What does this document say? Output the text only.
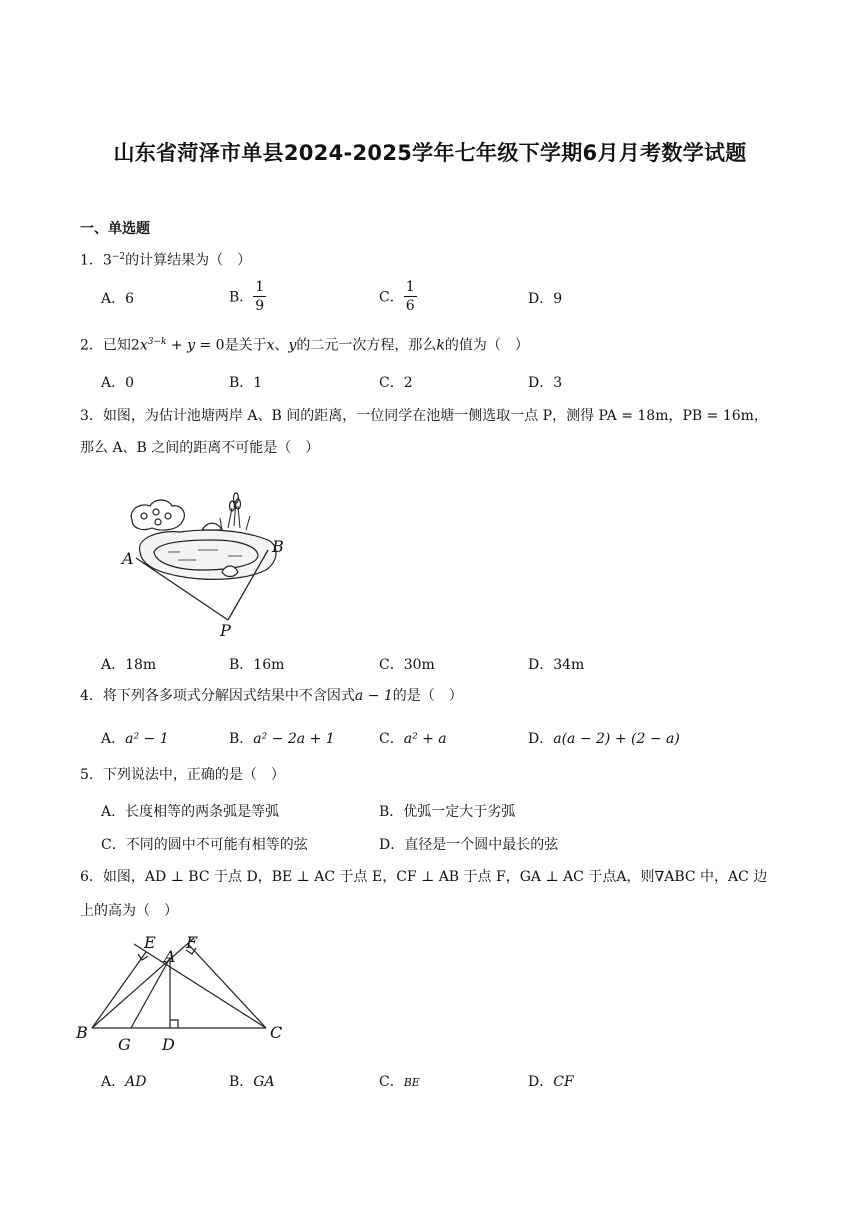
山东省菏泽市单县2024-2025学年七年级下学期6月月考数学试题
一、单选题
1．$3^{-2}$的计算结果为（　）
A．6	B． $\frac{1}{9}$	C． $\frac{1}{6}$	D．9
2．已知$2x^{3-k} + y = 0$是关于x、y的二元一次方程，那么k的值为（　）
A．0	B．1	C．2	D．3
3．如图，为估计池塘两岸 A、B 间的距离，一位同学在池塘一侧选取一点 P，测得 PA = 18m，PB = 16m，
那么 A、B 之间的距离不可能是（　）
A
B
P
A．18m	B．16m	C．30m	D．34m
4．将下列各多项式分解因式结果中不含因式a − 1的是（　）
A．a² − 1	B．a² − 2a + 1	C．a² + a	D．a(a − 2) + (2 − a)
5．下列说法中，正确的是（　）
A．长度相等的两条弧是等弧	B．优弧一定大于劣弧
C．不同的圆中不可能有相等的弦	D．直径是一个圆中最长的弦
6．如图，AD ⊥ BC 于点 D，BE ⊥ AC 于点 E，CF ⊥ AB 于点 F，GA ⊥ AC 于点A，则∇ABC 中，AC 边
上的高为（　）
E F
A
B
G D
C
A．AD	B．GA	C．BE	D．CF
